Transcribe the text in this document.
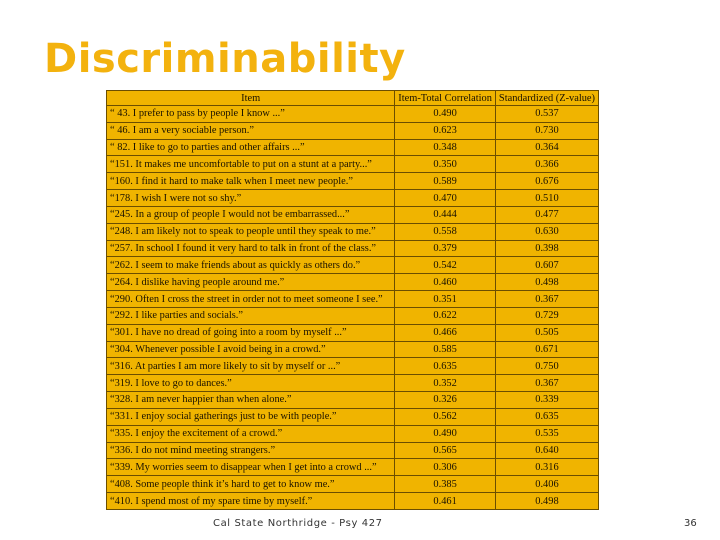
Discriminability
Item	Item-Total Correlation	Standardized (Z-value)
“ 43. I prefer to pass by people I know ...”	0.490	0.537
“ 46. I am a very sociable person.”	0.623	0.730
“ 82. I like to go to parties and other affairs ...”	0.348	0.364
“151. It makes me uncomfortable to put on a stunt at a party...”	0.350	0.366
“160. I find it hard to make talk when I meet new people.”	0.589	0.676
“178. I wish I were not so shy.”	0.470	0.510
“245. In a group of people I would not be embarrassed...”	0.444	0.477
“248. I am likely not to speak to people until they speak to me.”	0.558	0.630
“257. In school I found it very hard to talk in front of the class.”	0.379	0.398
“262. I seem to make friends about as quickly as others do.”	0.542	0.607
“264. I dislike having people around me.”	0.460	0.498
“290. Often I cross the street in order not to meet someone I see.”	0.351	0.367
“292. I like parties and socials.”	0.622	0.729
“301. I have no dread of going into a room by myself ...”	0.466	0.505
“304. Whenever possible I avoid being in a crowd.”	0.585	0.671
“316. At parties I am more likely to sit by myself or ...”	0.635	0.750
“319. I love to go to dances.”	0.352	0.367
“328. I am never happier than when alone.”	0.326	0.339
“331. I enjoy social gatherings just to be with people.”	0.562	0.635
“335. I enjoy the excitement of a crowd.”	0.490	0.535
“336. I do not mind meeting strangers.”	0.565	0.640
“339. My worries seem to disappear when I get into a crowd ...”	0.306	0.316
“408. Some people think it’s hard to get to know me.”	0.385	0.406
“410. I spend most of my spare time by myself.”	0.461	0.498
Cal State Northridge - Psy 427	36
